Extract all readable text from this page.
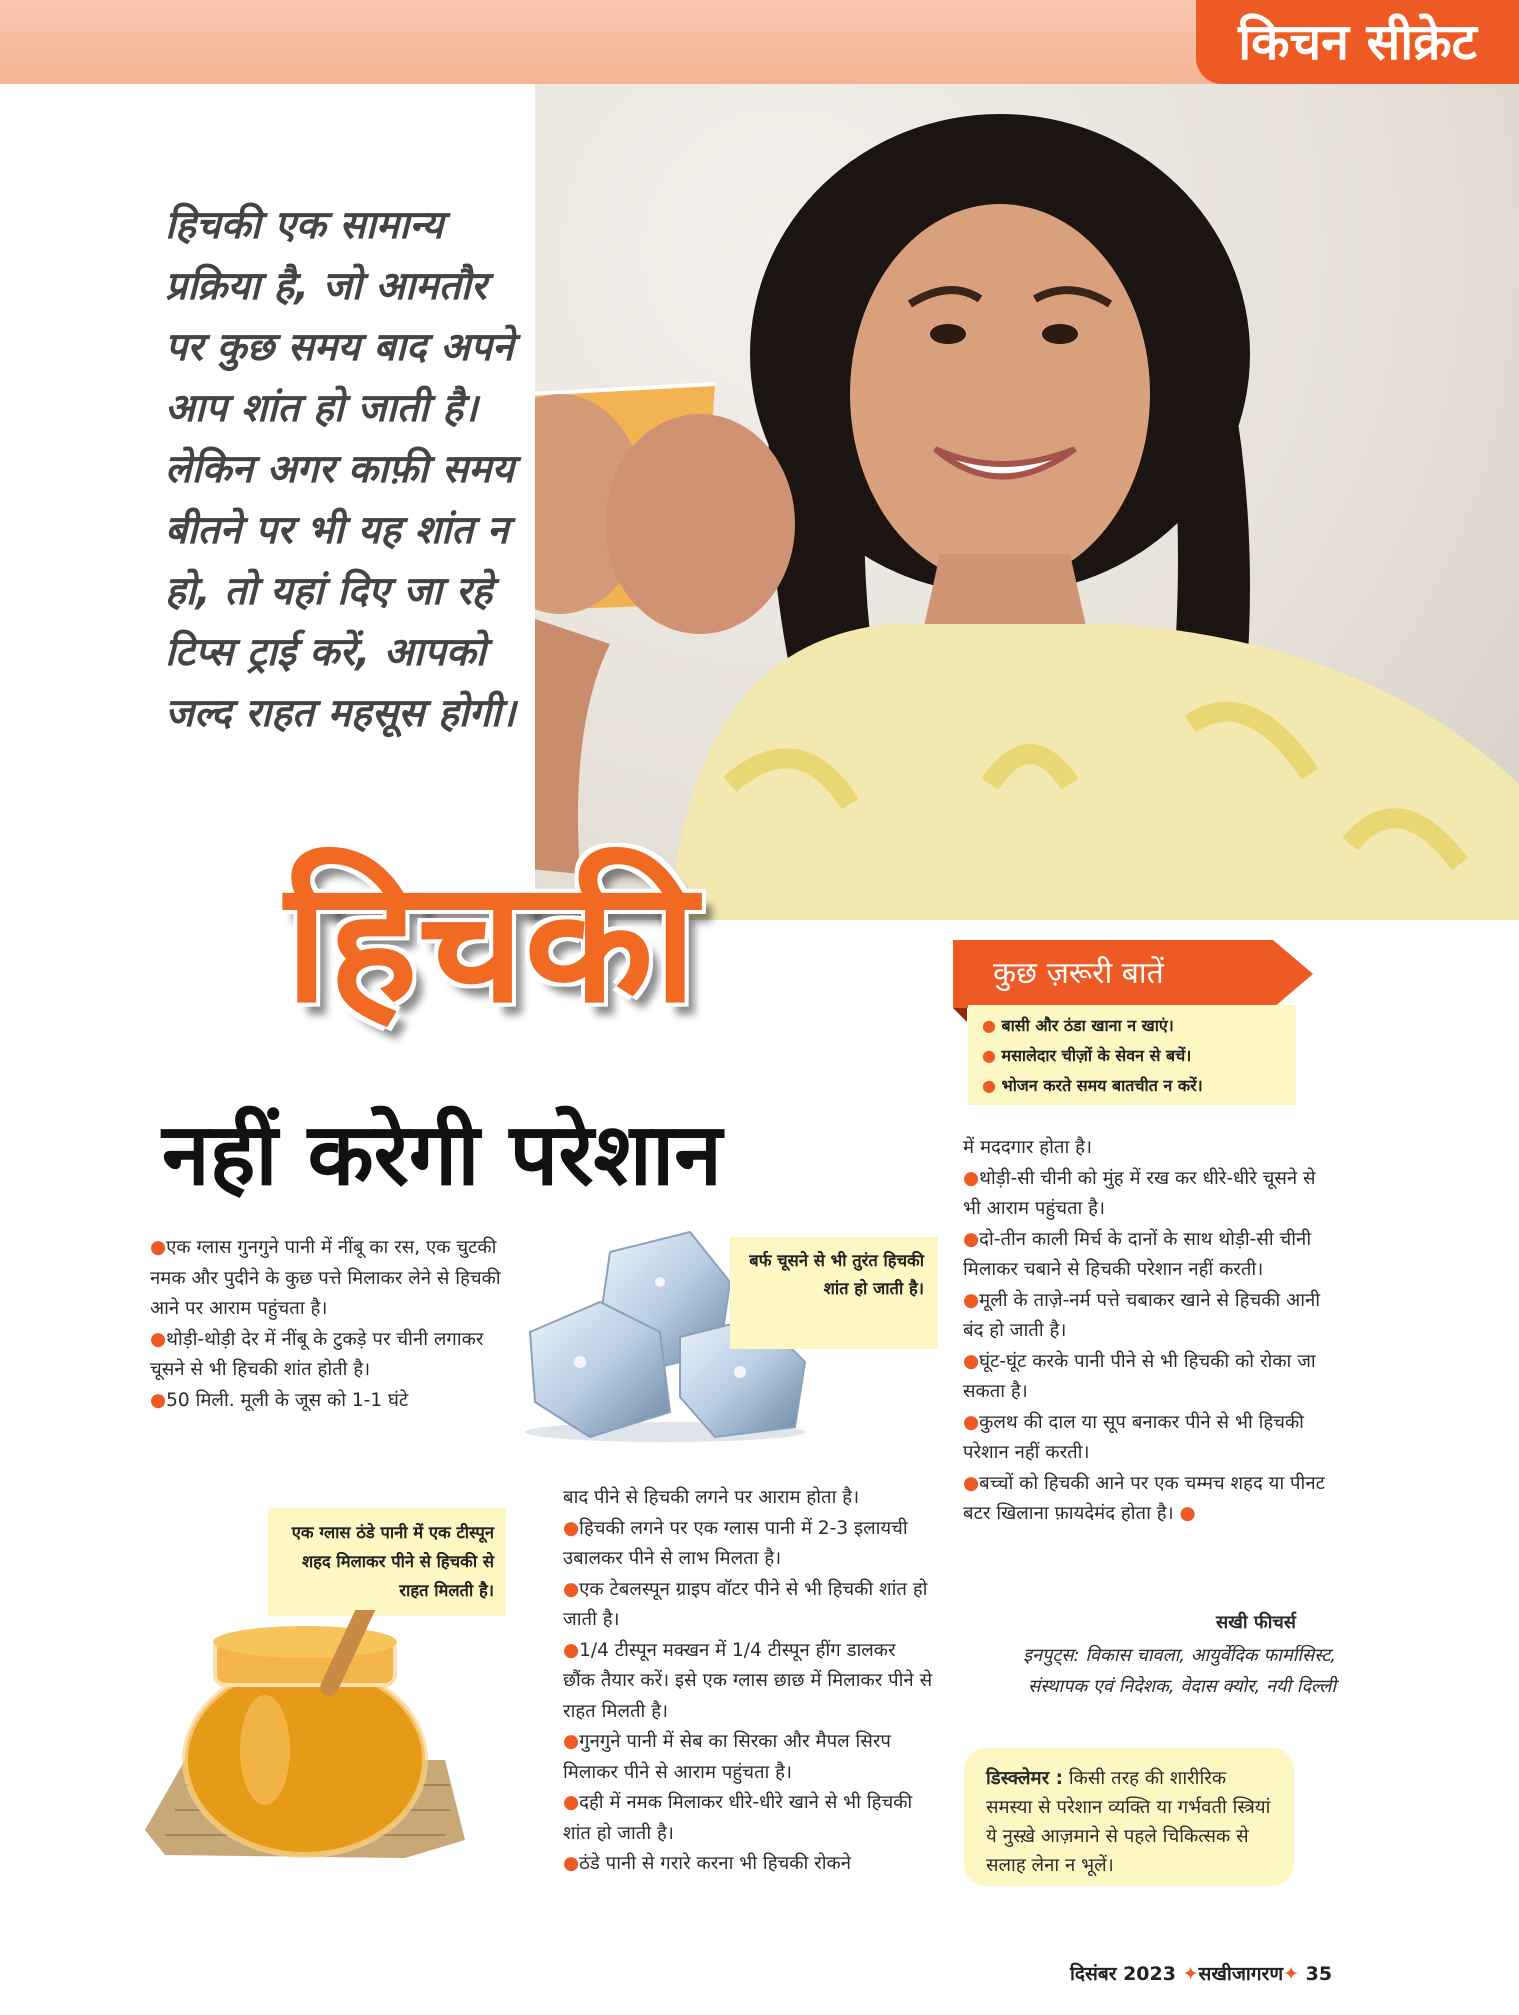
किचन सीक्रेट

हिचकी एक सामान्य प्रक्रिया है, जो आमतौर पर कुछ समय बाद अपने आप शांत हो जाती है। लेकिन अगर काफ़ी समय बीतने पर भी यह शांत न हो, तो यहां दिए जा रहे टिप्स ट्राई करें, आपको जल्द राहत महसूस होगी।

हिचकी
नहीं करेगी परेशान
कुछ ज़रूरी बातें
● बासी और ठंडा खाना न खाएं।
● मसालेदार चीज़ों के सेवन से बचें।
● भोजन करते समय बातचीत न करें।

●एक ग्लास गुनगुने पानी में नींबू का रस, एक चुटकी नमक और पुदीने के कुछ पत्ते मिलाकर लेने से हिचकी आने पर आराम पहुंचता है।

●थोड़ी-थोड़ी देर में नींबू के टुकड़े पर चीनी लगाकर चूसने से भी हिचकी शांत होती है।

●50 मिली. मूली के जूस को 1-1 घंटे

बर्फ चूसने से भी तुरंत हिचकी शांत हो जाती है।
एक ग्लास ठंडे पानी में एक टीस्पून शहद मिलाकर पीने से हिचकी से राहत मिलती है।

बाद पीने से हिचकी लगने पर आराम होता है।

●हिचकी लगने पर एक ग्लास पानी में 2-3 इलायची उबालकर पीने से लाभ मिलता है।

●एक टेबलस्पून ग्राइप वॉटर पीने से भी हिचकी शांत हो जाती है।

●1/4 टीस्पून मक्खन में 1/4 टीस्पून हींग डालकर छौंक तैयार करें। इसे एक ग्लास छाछ में मिलाकर पीने से राहत मिलती है।

●गुनगुने पानी में सेब का सिरका और मैपल सिरप मिलाकर पीने से आराम पहुंचता है।

●दही में नमक मिलाकर धीरे-धीरे खाने से भी हिचकी शांत हो जाती है।

●ठंडे पानी से गरारे करना भी हिचकी रोकने

में मददगार होता है।

●थोड़ी-सी चीनी को मुंह में रख कर धीरे-धीरे चूसने से भी आराम पहुंचता है।

●दो-तीन काली मिर्च के दानों के साथ थोड़ी-सी चीनी मिलाकर चबाने से हिचकी परेशान नहीं करती।

●मूली के ताज़े-नर्म पत्ते चबाकर खाने से हिचकी आनी बंद हो जाती है।

●घूंट-घूंट करके पानी पीने से भी हिचकी को रोका जा सकता है।

●कुलथ की दाल या सूप बनाकर पीने से भी हिचकी परेशान नहीं करती।

●बच्चों को हिचकी आने पर एक चम्मच शहद या पीनट बटर खिलाना फ़ायदेमंद होता है। ●

सखी फीचर्स

इनपुट्स: विकास चावला, आयुर्वेदिक फार्मासिस्ट, संस्थापक एवं निदेशक, वेदास क्योर, नयी दिल्ली

डिस्क्लेमर : किसी तरह की शारीरिक समस्या से परेशान व्यक्ति या गर्भवती स्त्रियां ये नुस्ख़े आज़माने से पहले चिकित्सक से सलाह लेना न भूलें।
दिसंबर 2023 ✦सखीजागरण✦ 35
